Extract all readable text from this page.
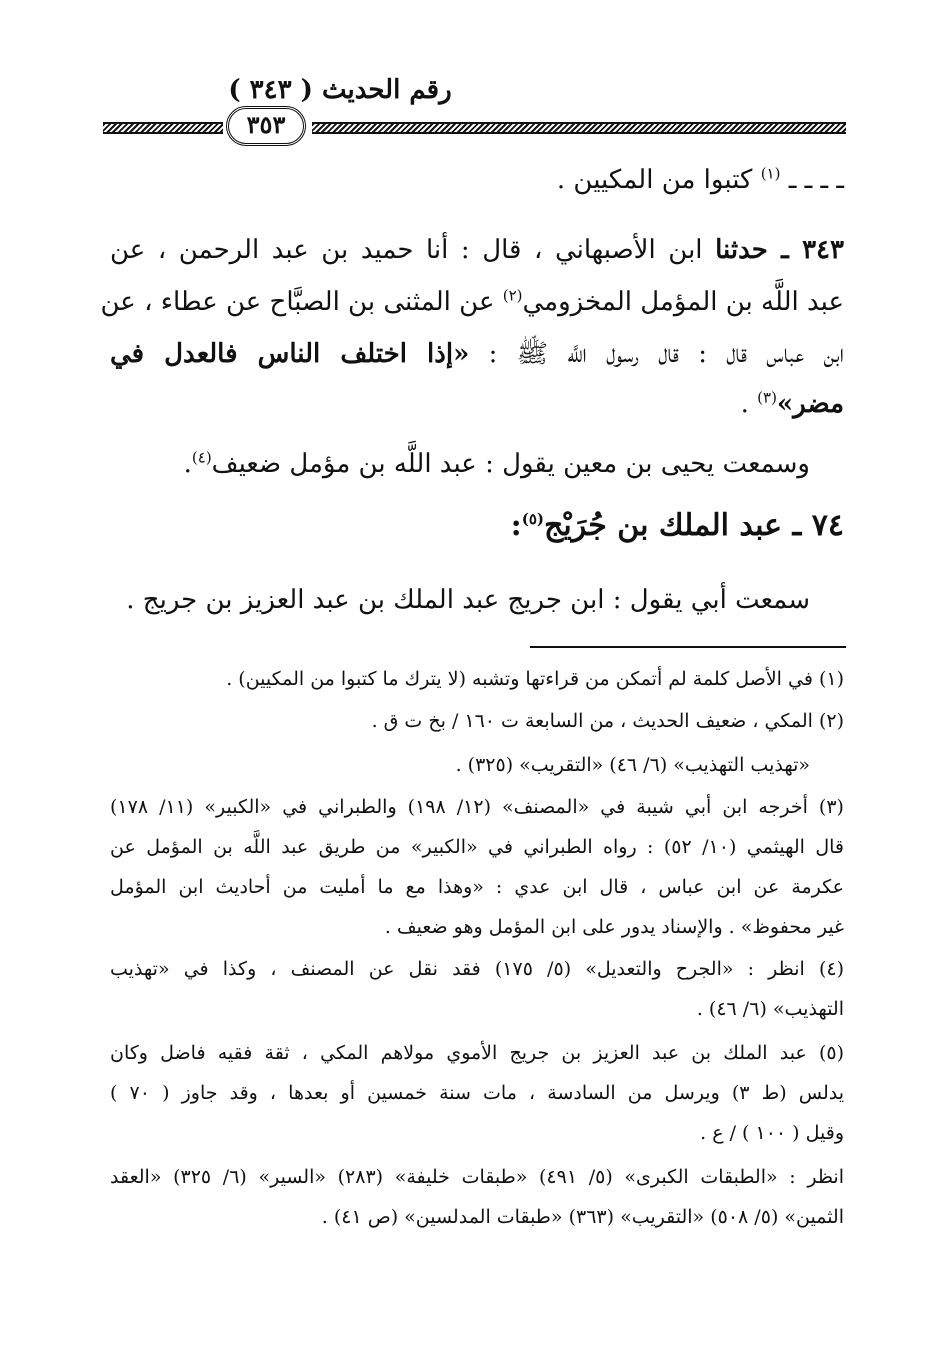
رقم الحديث ( ٣٤٣ )
٣٥٣
ـ ـ ـ ـ $^{(١)}$ كتبوا من المكيين .
٣٤٣ ـ حدثنا ابن الأصبهاني ، قال : أنا حميد بن عبد الرحمن ، عن
عبد اللَّه بن المؤمل المخزومي$^{(٢)}$ عن المثنى بن الصبَّاح عن عطاء ، عن
ابن عباس قال : قال رسول اللَّه ﷺ : «إذا اختلف الناس فالعدل في
مضر»$^{(٣)}$ .
وسمعت يحيى بن معين يقول : عبد اللَّه بن مؤمل ضعيف$^{(٤)}$.
٧٤ ـ عبد الملك بن جُرَيْج$^{(٥)}$:
سمعت أبي يقول : ابن جريج عبد الملك بن عبد العزيز بن جريج .
(١) في الأصل كلمة لم أتمكن من قراءتها وتشبه (لا يترك ما كتبوا من المكيين) .
(٢) المكي ، ضعيف الحديث ، من السابعة ت ١٦٠ / بخ ت ق .
«تهذيب التهذيب» (٦/ ٤٦) «التقريب» (٣٢٥) .
(٣) أخرجه ابن أبي شيبة في «المصنف» (١٢/ ١٩٨) والطبراني في «الكبير» (١١/ ١٧٨)
قال الهيثمي (١٠/ ٥٢) : رواه الطبراني في «الكبير» من طريق عبد اللَّه بن المؤمل عن
عكرمة عن ابن عباس ، قال ابن عدي : «وهذا مع ما أمليت من أحاديث ابن المؤمل
غير محفوظ» . والإسناد يدور على ابن المؤمل وهو ضعيف .
(٤) انظر : «الجرح والتعديل» (٥/ ١٧٥) فقد نقل عن المصنف ، وكذا في «تهذيب
التهذيب» (٦/ ٤٦) .
(٥) عبد الملك بن عبد العزيز بن جريج الأموي مولاهم المكي ، ثقة فقيه فاضل وكان
يدلس (ط ٣) ويرسل من السادسة ، مات سنة خمسين أو بعدها ، وقد جاوز ( ٧٠ )
وقيل ( ١٠٠ ) / ع .
انظر : «الطبقات الكبرى» (٥/ ٤٩١) «طبقات خليفة» (٢٨٣) «السير» (٦/ ٣٢٥) «العقد
الثمين» (٥/ ٥٠٨) «التقريب» (٣٦٣) «طبقات المدلسين» (ص ٤١) .
